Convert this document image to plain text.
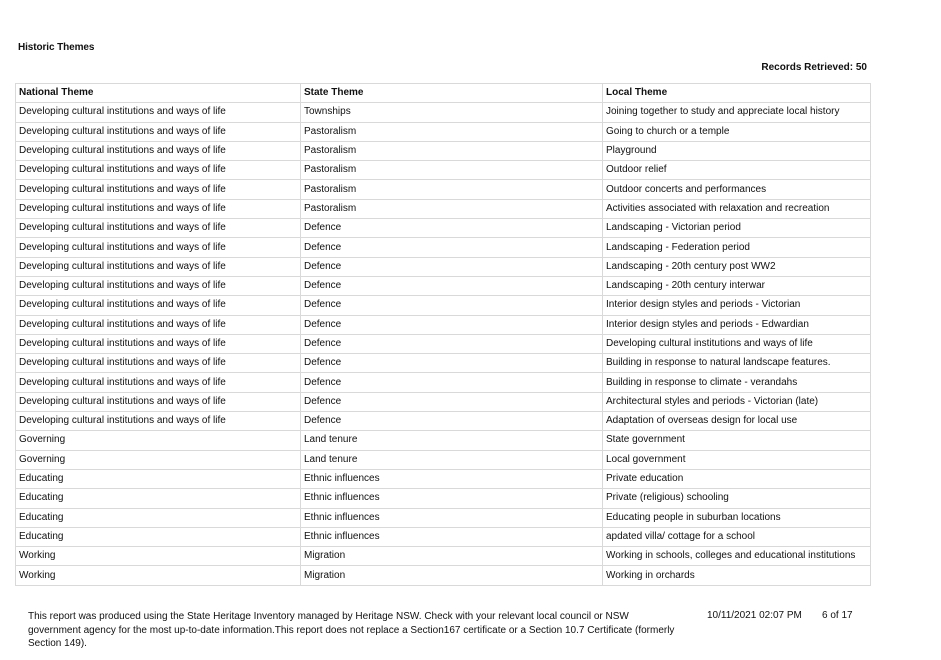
Historic Themes
Records Retrieved: 50
National Theme	State Theme	Local Theme
Developing cultural institutions and ways of life	Townships	Joining together to study and appreciate local history
Developing cultural institutions and ways of life	Pastoralism	Going to church or a temple
Developing cultural institutions and ways of life	Pastoralism	Playground
Developing cultural institutions and ways of life	Pastoralism	Outdoor relief
Developing cultural institutions and ways of life	Pastoralism	Outdoor concerts and performances
Developing cultural institutions and ways of life	Pastoralism	Activities associated with relaxation and recreation
Developing cultural institutions and ways of life	Defence	Landscaping - Victorian period
Developing cultural institutions and ways of life	Defence	Landscaping - Federation period
Developing cultural institutions and ways of life	Defence	Landscaping - 20th century post WW2
Developing cultural institutions and ways of life	Defence	Landscaping - 20th century interwar
Developing cultural institutions and ways of life	Defence	Interior design styles and periods - Victorian
Developing cultural institutions and ways of life	Defence	Interior design styles and periods - Edwardian
Developing cultural institutions and ways of life	Defence	Developing cultural institutions and ways of life
Developing cultural institutions and ways of life	Defence	Building in response to natural landscape features.
Developing cultural institutions and ways of life	Defence	Building in response to climate - verandahs
Developing cultural institutions and ways of life	Defence	Architectural styles and periods - Victorian (late)
Developing cultural institutions and ways of life	Defence	Adaptation of overseas design for local use
Governing	Land tenure	State government
Governing	Land tenure	Local government
Educating	Ethnic influences	Private education
Educating	Ethnic influences	Private (religious) schooling
Educating	Ethnic influences	Educating people in suburban locations
Educating	Ethnic influences	apdated villa/ cottage for a school
Working	Migration	Working in schools, colleges and educational institutions
Working	Migration	Working in orchards
This report was produced using the State Heritage Inventory managed by Heritage NSW. Check with your relevant local council or NSW government agency for the most up-to-date information.This report does not replace a Section167 certificate or a Section 10.7 Certificate (formerly Section 149).
10/11/2021 02:07 PM 6 of 17
